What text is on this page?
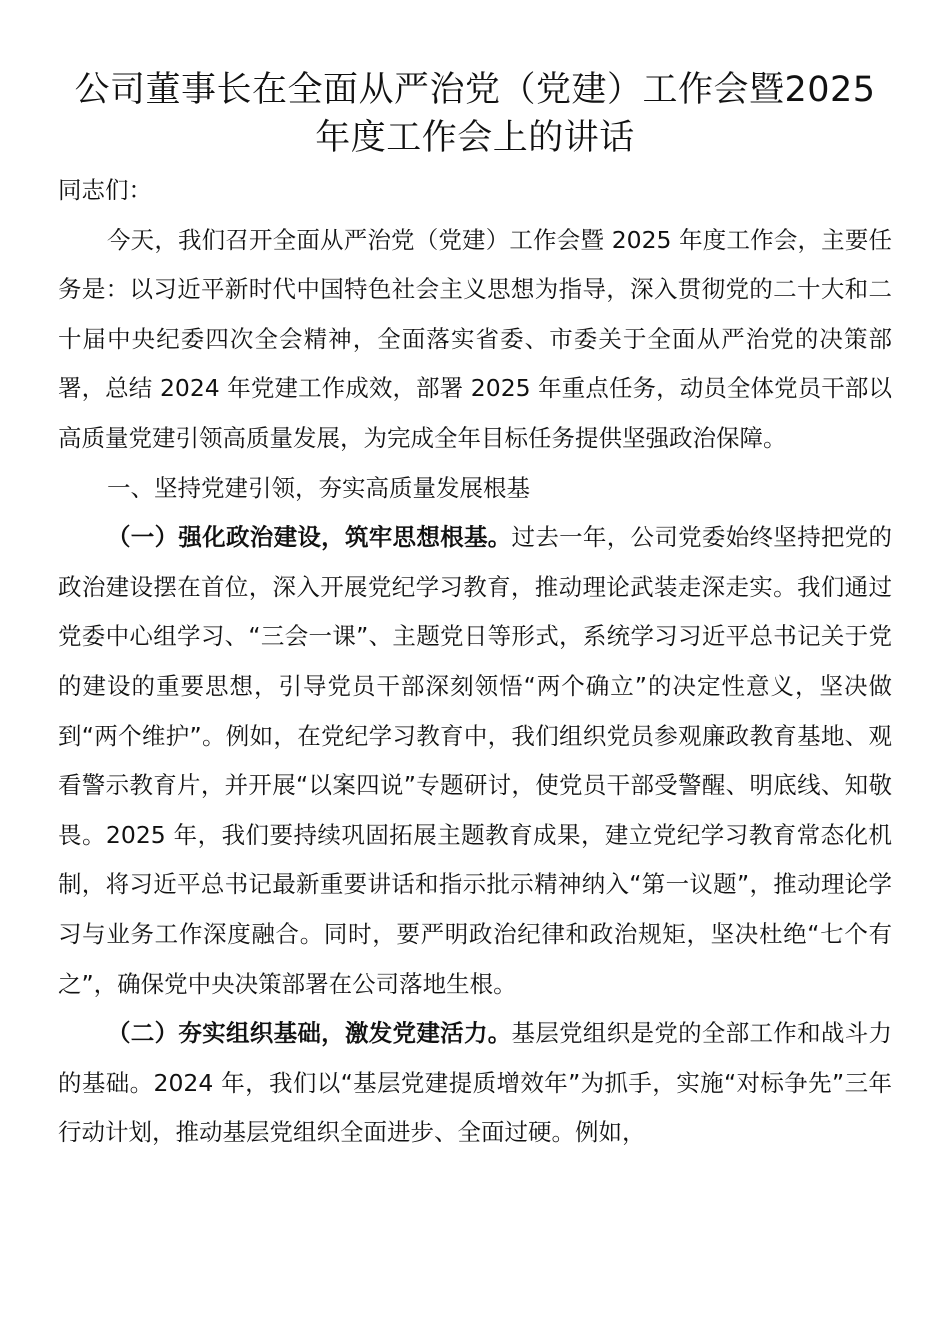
公司董事长在全面从严治党（党建）工作会暨2025年度工作会上的讲话

同志们：

今天，我们召开全面从严治党（党建）工作会暨 2025 年度工作会，主要任务是：以习近平新时代中国特色社会主义思想为指导，深入贯彻党的二十大和二十届中央纪委四次全会精神，全面落实省委、市委关于全面从严治党的决策部署，总结 2024 年党建工作成效，部署 2025 年重点任务，动员全体党员干部以高质量党建引领高质量发展，为完成全年目标任务提供坚强政治保障。

一、坚持党建引领，夯实高质量发展根基

（一）强化政治建设，筑牢思想根基。过去一年，公司党委始终坚持把党的政治建设摆在首位，深入开展党纪学习教育，推动理论武装走深走实。我们通过党委中心组学习、“三会一课”、主题党日等形式，系统学习习近平总书记关于党的建设的重要思想，引导党员干部深刻领悟“两个确立”的决定性意义，坚决做到“两个维护”。例如，在党纪学习教育中，我们组织党员参观廉政教育基地、观看警示教育片，并开展“以案四说”专题研讨，使党员干部受警醒、明底线、知敬畏。2025 年，我们要持续巩固拓展主题教育成果，建立党纪学习教育常态化机制，将习近平总书记最新重要讲话和指示批示精神纳入“第一议题”，推动理论学习与业务工作深度融合。同时，要严明政治纪律和政治规矩，坚决杜绝“七个有之”，确保党中央决策部署在公司落地生根。

（二）夯实组织基础，激发党建活力。基层党组织是党的全部工作和战斗力的基础。2024 年，我们以“基层党建提质增效年”为抓手，实施“对标争先”三年行动计划，推动基层党组织全面进步、全面过硬。例如，
